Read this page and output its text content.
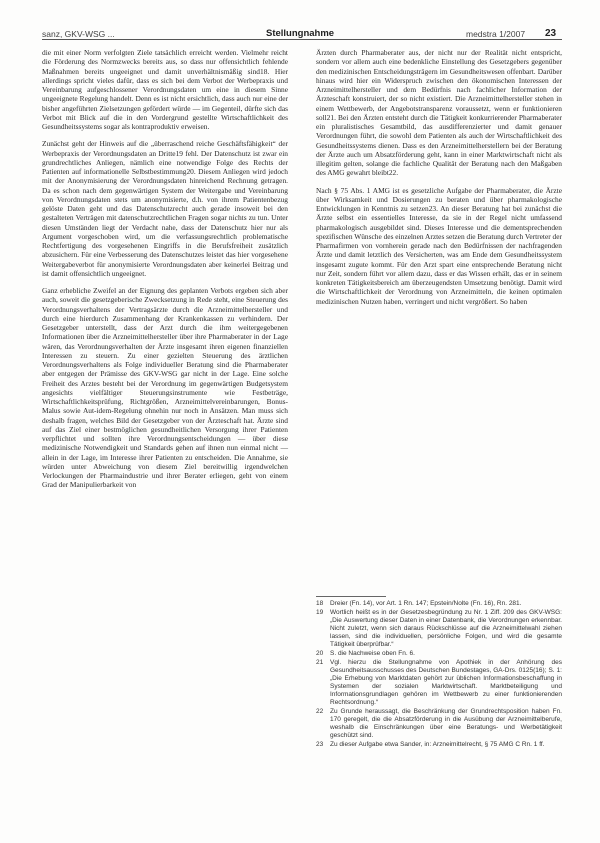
sanz, GKV-WSG ...	Stellungnahme	medstra 1/2007 23

die mit einer Norm verfolgten Ziele tatsächlich erreicht werden. Vielmehr reicht die Förderung des Normzwecks bereits aus, so dass nur offensichtlich fehlende Maßnahmen bereits ungeeignet und damit unverhältnismäßig sind18. Hier allerdings spricht vieles dafür, dass es sich bei dem Verbot der Werbepraxis und Vereinbarung aufgeschlossener Verordnungsdaten um eine in diesem Sinne ungeeignete Regelung handelt. Denn es ist nicht ersichtlich, dass auch nur eine der bisher angeführten Zielsetzungen gefördert würde — im Gegenteil, dürfte sich das Verbot mit Blick auf die in den Vordergrund gestellte Wirtschaftlichkeit des Gesundheitssystems sogar als kontraproduktiv erweisen.

Zunächst geht der Hinweis auf die „überraschend reiche Geschäftsfähigkeit“ der Werbepraxis der Verordnungsdaten an Dritte19 fehl. Der Datenschutz ist zwar ein grundrechtliches Anliegen, nämlich eine notwendige Folge des Rechts der Patienten auf informationelle Selbstbestimmung20. Diesem Anliegen wird jedoch mit der Anonymisierung der Verordnungsdaten hinreichend Rechnung getragen. Da es schon nach dem gegenwärtigen System der Weitergabe und Vereinbarung von Verordnungsdaten stets um anonymisierte, d.h. von ihrem Patientenbezug gelöste Daten geht und das Datenschutzrecht auch gerade insoweit bei den gestalteten Verträgen mit datenschutzrechtlichen Fragen sogar nichts zu tun. Unter diesen Umständen liegt der Verdacht nahe, dass der Datenschutz hier nur als Argument vorgeschoben wird, um die verfassungsrechtlich problematische Rechtfertigung des vorgesehenen Eingriffs in die Berufsfreiheit zusätzlich abzusichern. Für eine Verbesserung des Datenschutzes leistet das hier vorgesehene Weitergabeverbot für anonymisierte Verordnungsdaten aber keinerlei Beitrag und ist damit offensichtlich ungeeignet.

Ganz erhebliche Zweifel an der Eignung des geplanten Verbots ergeben sich aber auch, soweit die gesetzgeberische Zwecksetzung in Rede steht, eine Steuerung des Verordnungsverhaltens der Vertragsärzte durch die Arzneimittelhersteller und durch eine hierdurch Zusammenhang der Krankenkassen zu verhindern. Der Gesetzgeber unterstellt, dass der Arzt durch die ihm weitergegebenen Informationen über die Arzneimittelhersteller über ihre Pharmaberater in der Lage wären, das Verordnungsverhalten der Ärzte insgesamt ihren eigenen finanziellen Interessen zu steuern. Zu einer gezielten Steuerung des ärztlichen Verordnungsverhaltens als Folge individueller Beratung sind die Pharmaberater aber entgegen der Prämisse des GKV-WSG gar nicht in der Lage. Eine solche Freiheit des Arztes besteht bei der Verordnung im gegenwärtigen Budgetsystem angesichts vielfältiger Steuerungsinstrumente wie Festbeträge, Wirtschaftlichkeitsprüfung, Richtgrößen, Arzneimittelvereinbarungen, Bonus-Malus sowie Aut-idem-Regelung ohnehin nur noch in Ansätzen. Man muss sich deshalb fragen, welches Bild der Gesetzgeber von der Ärzteschaft hat. Ärzte sind auf das Ziel einer bestmöglichen gesundheitlichen Versorgung ihrer Patienten verpflichtet und sollten ihre Verordnungsentscheidungen — über diese medizinische Notwendigkeit und Standards gehen auf ihnen nun einmal nicht — allein in der Lage, im Interesse ihrer Patienten zu entscheiden. Die Annahme, sie würden unter Abweichung von diesem Ziel bereitwillig irgendwelchen Verlockungen der Pharmaindustrie und ihrer Berater erliegen, geht von einem Grad der Manipulierbarkeit von

Ärzten durch Pharmaberater aus, der nicht nur der Realität nicht entspricht, sondern vor allem auch eine bedenkliche Einstellung des Gesetzgebers gegenüber den medizinischen Entscheidungsträgern im Gesundheitswesen offenbart. Darüber hinaus wird hier ein Widerspruch zwischen den ökonomischen Interessen der Arzneimittelhersteller und dem Bedürfnis nach fachlicher Information der Ärzteschaft konstruiert, der so nicht existiert. Die Arzneimittelhersteller stehen in einem Wettbewerb, der Angebotstransparenz voraussetzt, wenn er funktionieren soll21. Bei den Ärzten entsteht durch die Tätigkeit konkurrierender Pharmaberater ein pluralistisches Gesamtbild, das ausdifferenzierter und damit genauer Verordnungen führt, die sowohl dem Patienten als auch der Wirtschaftlichkeit des Gesundheitssystems dienen. Dass es den Arzneimittelherstellern bei der Beratung der Ärzte auch um Absatzförderung geht, kann in einer Marktwirtschaft nicht als illegitim gelten, solange die fachliche Qualität der Beratung nach den Maßgaben des AMG gewahrt bleibt22.

Nach § 75 Abs. 1 AMG ist es gesetzliche Aufgabe der Pharmaberater, die Ärzte über Wirksamkeit und Dosierungen zu beraten und über pharmakologische Entwicklungen in Kenntnis zu setzen23. An dieser Beratung hat bei zunächst die Ärzte selbst ein essentielles Interesse, da sie in der Regel nicht umfassend pharmakologisch ausgebildet sind. Dieses Interesse und die dementsprechenden spezifischen Wünsche des einzelnen Arztes setzen die Beratung durch Vertreter der Pharmafirmen von vornherein gerade nach den Bedürfnissen der nachfragenden Ärzte und damit letztlich des Versicherten, was am Ende dem Gesundheitssystem insgesamt zugute kommt. Für den Arzt spart eine entsprechende Beratung nicht nur Zeit, sondern führt vor allem dazu, dass er das Wissen erhält, das er in seinem konkreten Tätigkeitsbereich am überzeugendsten Umsetzung benötigt. Damit wird die Wirtschaftlichkeit der Verordnung von Arzneimitteln, die keinen optimalen medizinischen Nutzen haben, verringert und nicht vergrößert. So haben

18	Dreier (Fn. 14), vor Art. 1 Rn. 147; Epstein/Nolte (Fn. 16), Rn. 281.
19	Wortlich heißt es in der Gesetzesbegründung zu Nr. 1 Ziff. 209 des GKV-WSG: „Die Auswertung dieser Daten in einer Datenbank, die Verordnungen erkennbar. Nicht zuletzt, wenn sich daraus Rückschlüsse auf die Arzneimittelwahl ziehen lassen, sind die individuellen, persönliche Folgen, und wird die gesamte Tätigkeit überprüfbar.“
20	S. die Nachweise oben Fn. 6.
21	Vgl. hierzu die Stellungnahme von Apothiek in der Anhörung des Gesundheitsausschusses des Deutschen Bundestages, GA-Drs. 0125(16); S. 1: „Die Erhebung von Marktdaten gehört zur üblichen Informationsbeschaffung in Systemen der sozialen Marktwirtschaft. Marktbeteiligung und Informationsgrundlagen gehören im Wettbewerb zu einer funktionierenden Rechtsordnung.“
22	Zu Grunde heraussagt, die Beschränkung der Grundrechtsposition haben Fn. 170 geregelt, die die Absatzförderung in die Ausübung der Arzneimittelberufe, weshalb die Einschränkungen über eine Beratungs- und Werbetätigkeit geschützt sind.
23	Zu dieser Aufgabe etwa Sander, in: Arzneimittelrecht, § 75 AMG C Rn. 1 ff.
